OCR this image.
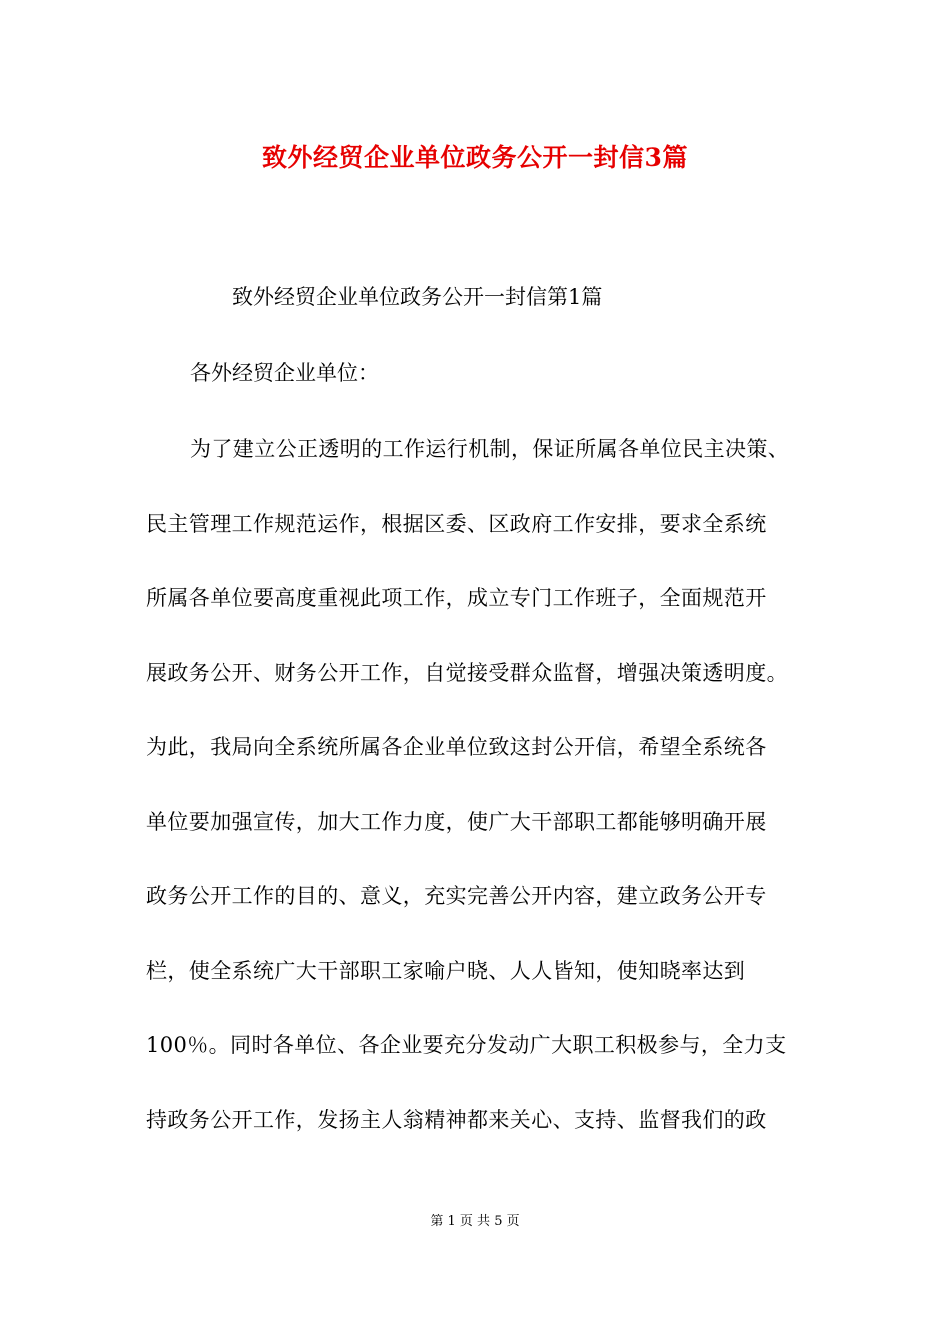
致外经贸企业单位政务公开一封信3篇
致外经贸企业单位政务公开一封信第1篇
各外经贸企业单位：
为了建立公正透明的工作运行机制，保证所属各单位民主决策、
民主管理工作规范运作，根据区委、区政府工作安排，要求全系统
所属各单位要高度重视此项工作，成立专门工作班子，全面规范开
展政务公开、财务公开工作，自觉接受群众监督，增强决策透明度。
为此，我局向全系统所属各企业单位致这封公开信，希望全系统各
单位要加强宣传，加大工作力度，使广大干部职工都能够明确开展
政务公开工作的目的、意义，充实完善公开内容，建立政务公开专
栏，使全系统广大干部职工家喻户晓、人人皆知，使知晓率达到
100％。同时各单位、各企业要充分发动广大职工积极参与，全力支
持政务公开工作，发扬主人翁精神都来关心、支持、监督我们的政
第 1 页 共 5 页
